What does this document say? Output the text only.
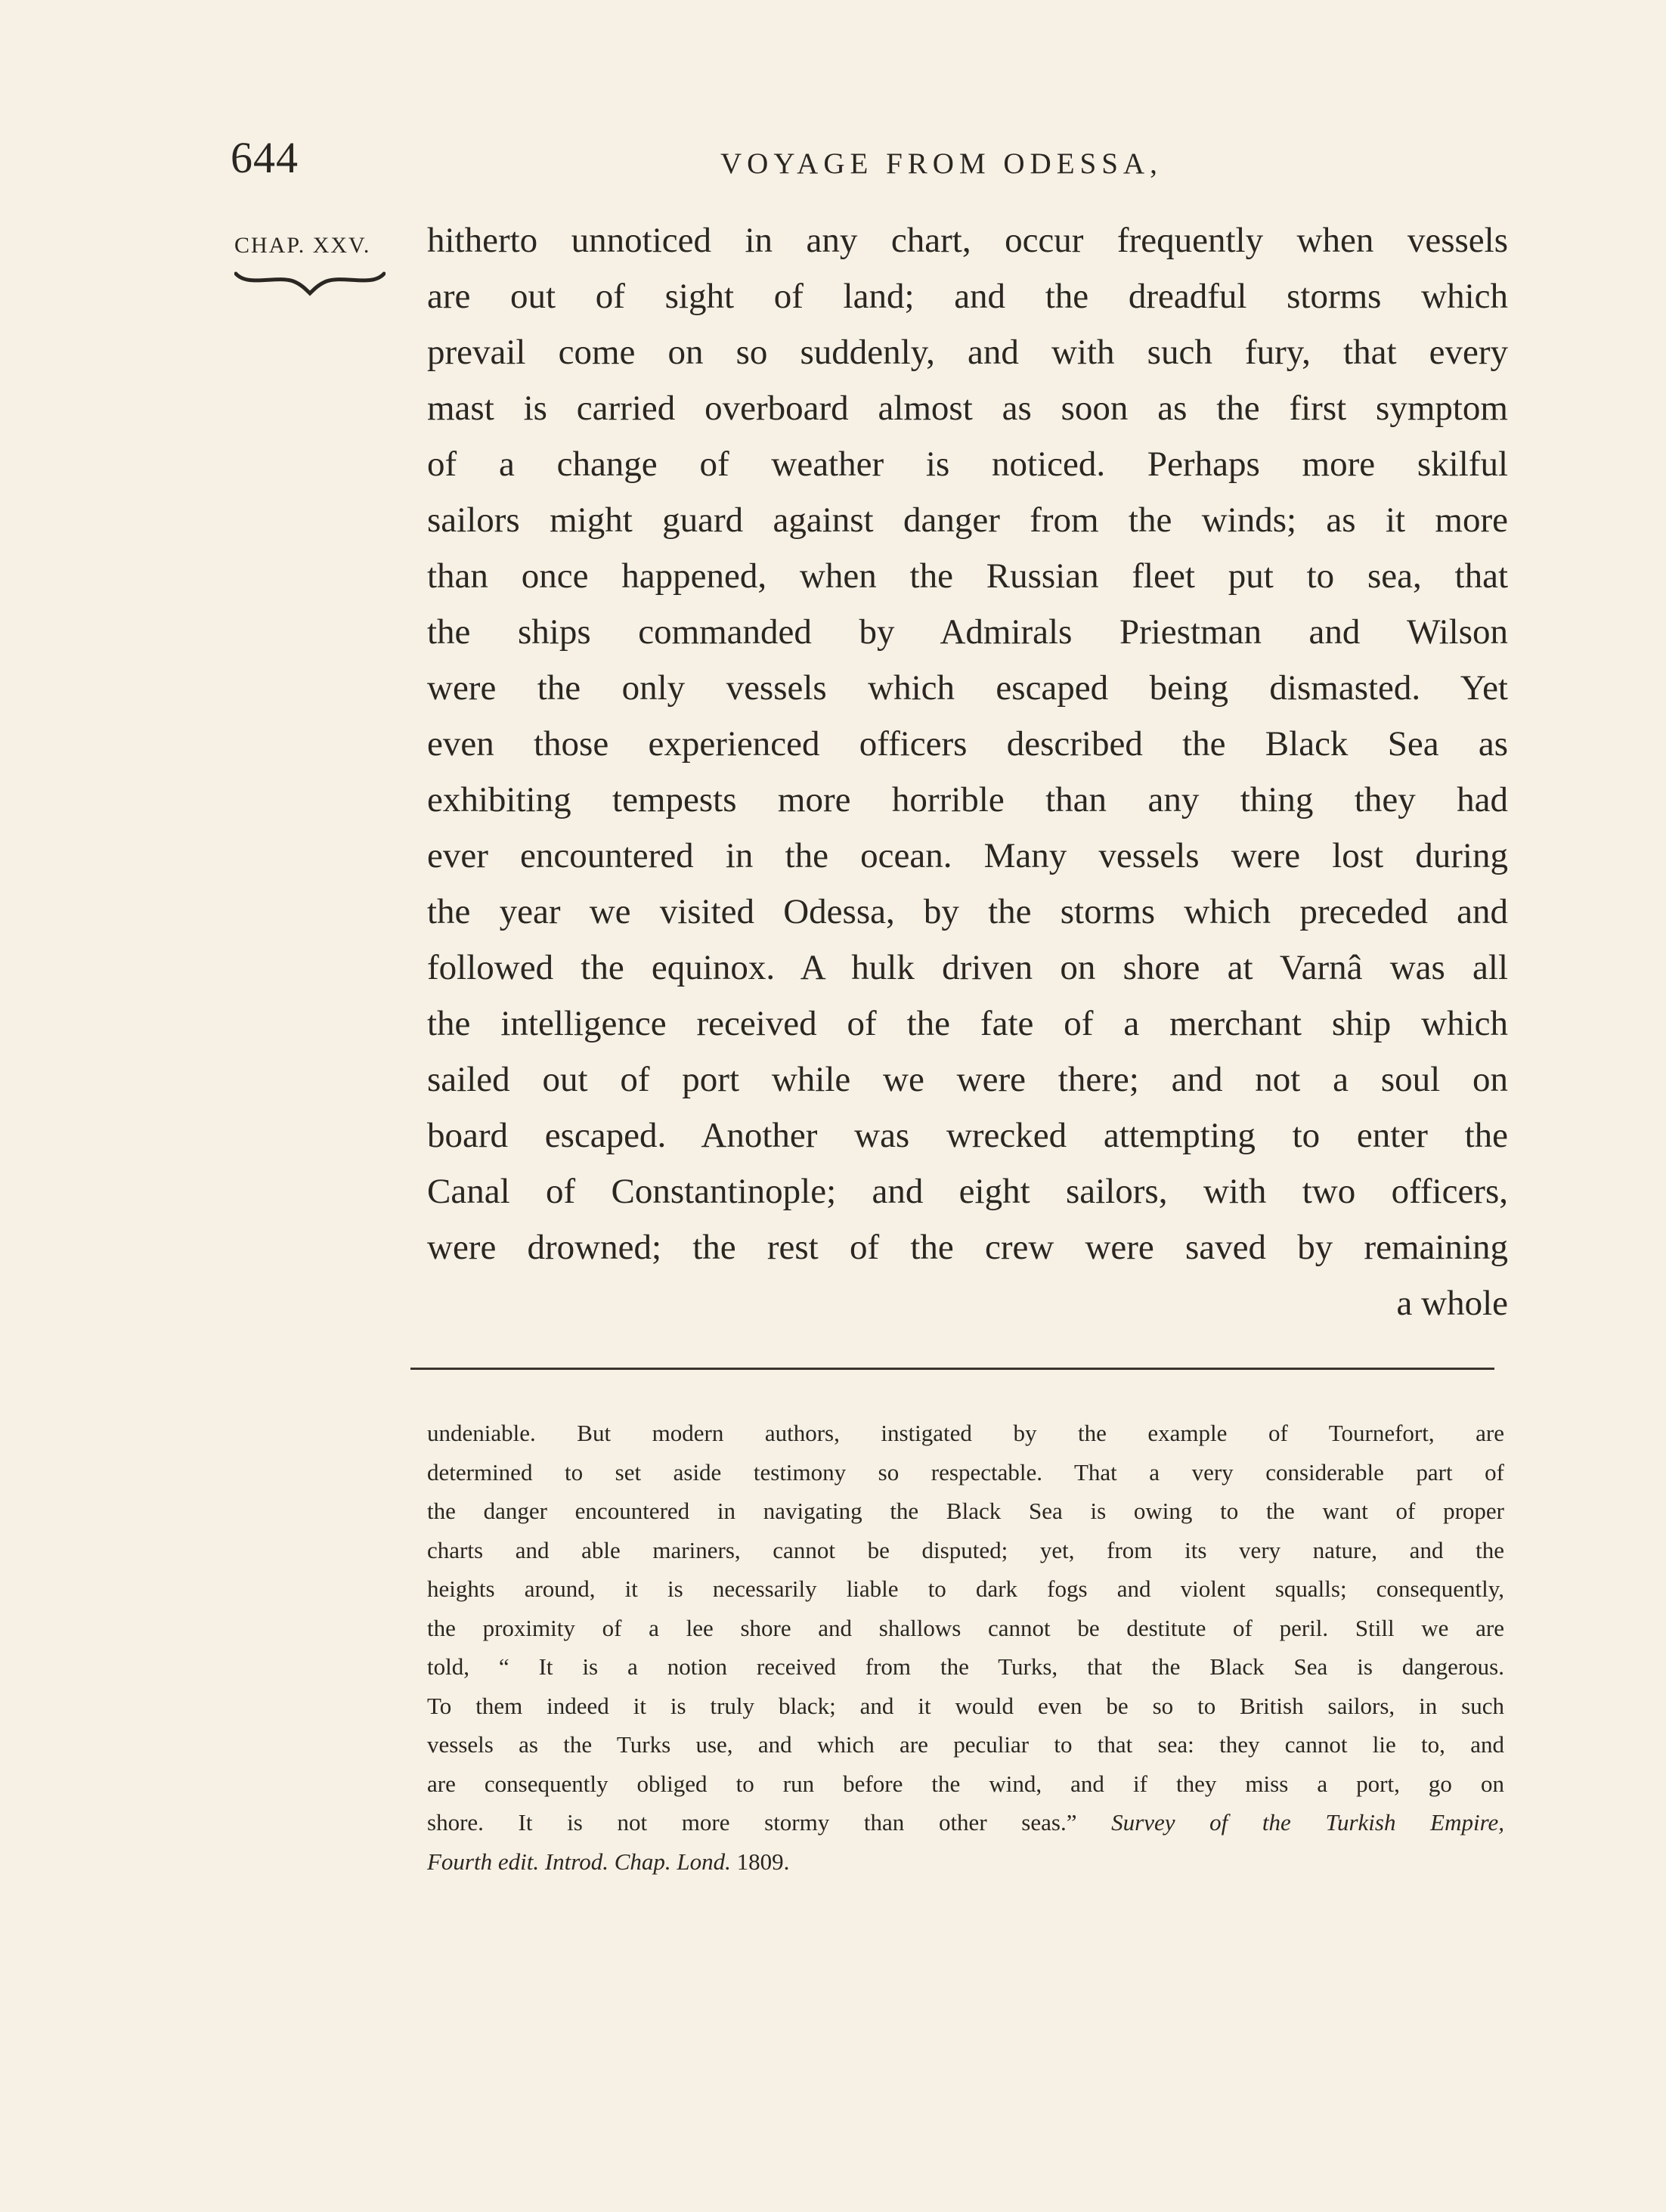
644	VOYAGE FROM ODESSA,
CHAP. XXV. hitherto unnoticed in any chart, occur frequently when vessels
are out of sight of land; and the dreadful storms which
prevail come on so suddenly, and with such fury, that every
mast is carried overboard almost as soon as the first symptom
of a change of weather is noticed. Perhaps more skilful
sailors might guard against danger from the winds; as it more
than once happened, when the Russian fleet put to sea, that
the ships commanded by Admirals Priestman and Wilson
were the only vessels which escaped being dismasted. Yet
even those experienced officers described the Black Sea as
exhibiting tempests more horrible than any thing they had
ever encountered in the ocean. Many vessels were lost during
the year we visited Odessa, by the storms which preceded and
followed the equinox. A hulk driven on shore at Varnâ was all
the intelligence received of the fate of a merchant ship which
sailed out of port while we were there; and not a soul on
board escaped. Another was wrecked attempting to enter the
Canal of Constantinople; and eight sailors, with two officers,
were drowned; the rest of the crew were saved by remaining
a whole
undeniable. But modern authors, instigated by the example of Tournefort, are
determined to set aside testimony so respectable. That a very considerable part of
the danger encountered in navigating the Black Sea is owing to the want of proper
charts and able mariners, cannot be disputed; yet, from its very nature, and the
heights around, it is necessarily liable to dark fogs and violent squalls; consequently,
the proximity of a lee shore and shallows cannot be destitute of peril. Still we are
told, “ It is a notion received from the Turks, that the Black Sea is dangerous.
To them indeed it is truly black; and it would even be so to British sailors, in such
vessels as the Turks use, and which are peculiar to that sea: they cannot lie to, and
are consequently obliged to run before the wind, and if they miss a port, go on
shore. It is not more stormy than other seas.” Survey of the Turkish Empire,
Fourth edit. Introd. Chap. Lond. 1809.
